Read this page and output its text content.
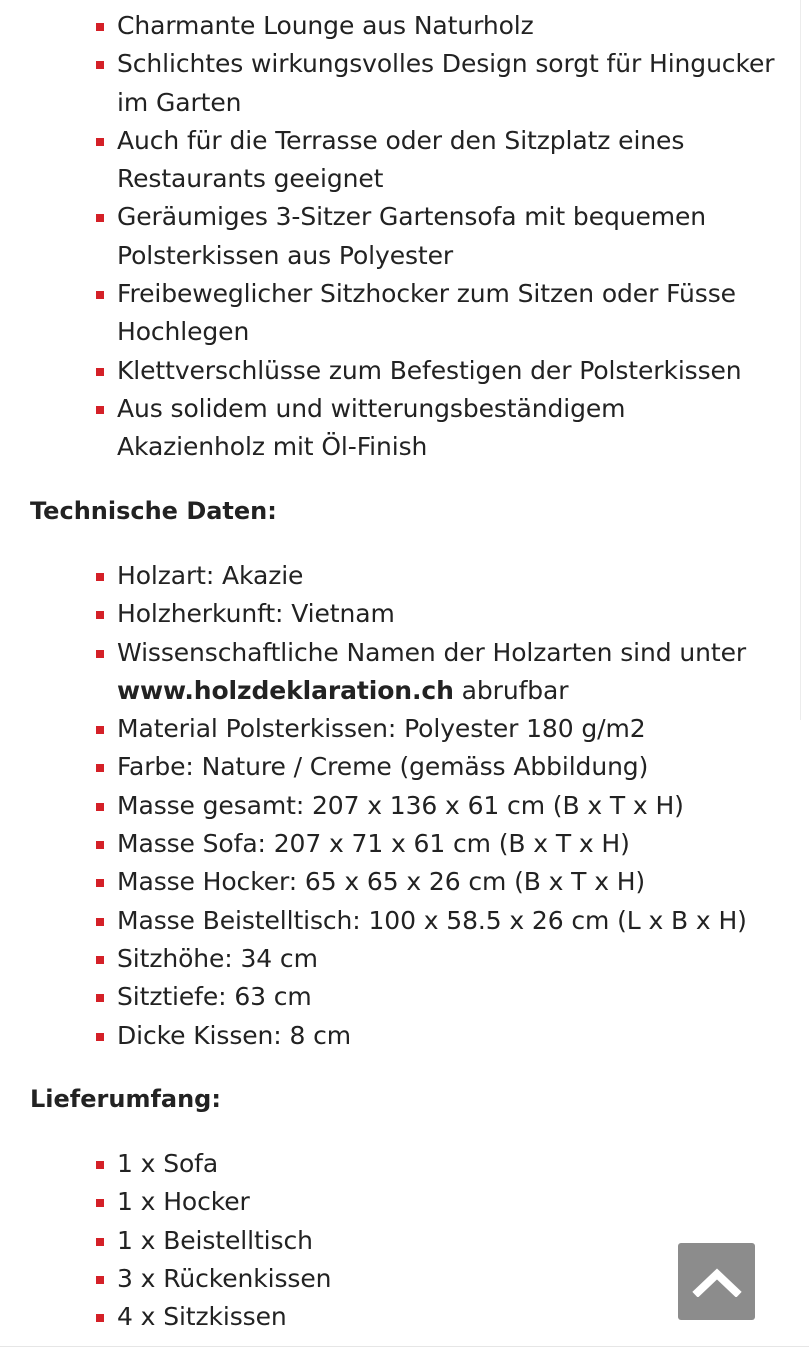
Charmante Lounge aus Naturholz
Schlichtes wirkungsvolles Design sorgt für Hingucker im Garten
Auch für die Terrasse oder den Sitzplatz eines Restaurants geeignet
Geräumiges 3-Sitzer Gartensofa mit bequemen Polsterkissen aus Polyester
Freibeweglicher Sitzhocker zum Sitzen oder Füsse Hochlegen
Klettverschlüsse zum Befestigen der Polsterkissen
Aus solidem und witterungsbeständigem Akazienholz mit Öl-Finish
Technische Daten:
Holzart: Akazie
Holzherkunft: Vietnam
Wissenschaftliche Namen der Holzarten sind unter
www.holzdeklaration.ch abrufbar
Material Polsterkissen: Polyester 180 g/m2
Farbe: Nature / Creme (gemäss Abbildung)
Masse gesamt: 207 x 136 x 61 cm (B x T x H)
Masse Sofa: 207 x 71 x 61 cm (B x T x H)
Masse Hocker: 65 x 65 x 26 cm (B x T x H)
Masse Beistelltisch: 100 x 58.5 x 26 cm (L x B x H)
Sitzhöhe: 34 cm
Sitztiefe: 63 cm
Dicke Kissen: 8 cm
Lieferumfang:
1 x Sofa
1 x Hocker
1 x Beistelltisch
3 x Rückenkissen
4 x Sitzkissen
